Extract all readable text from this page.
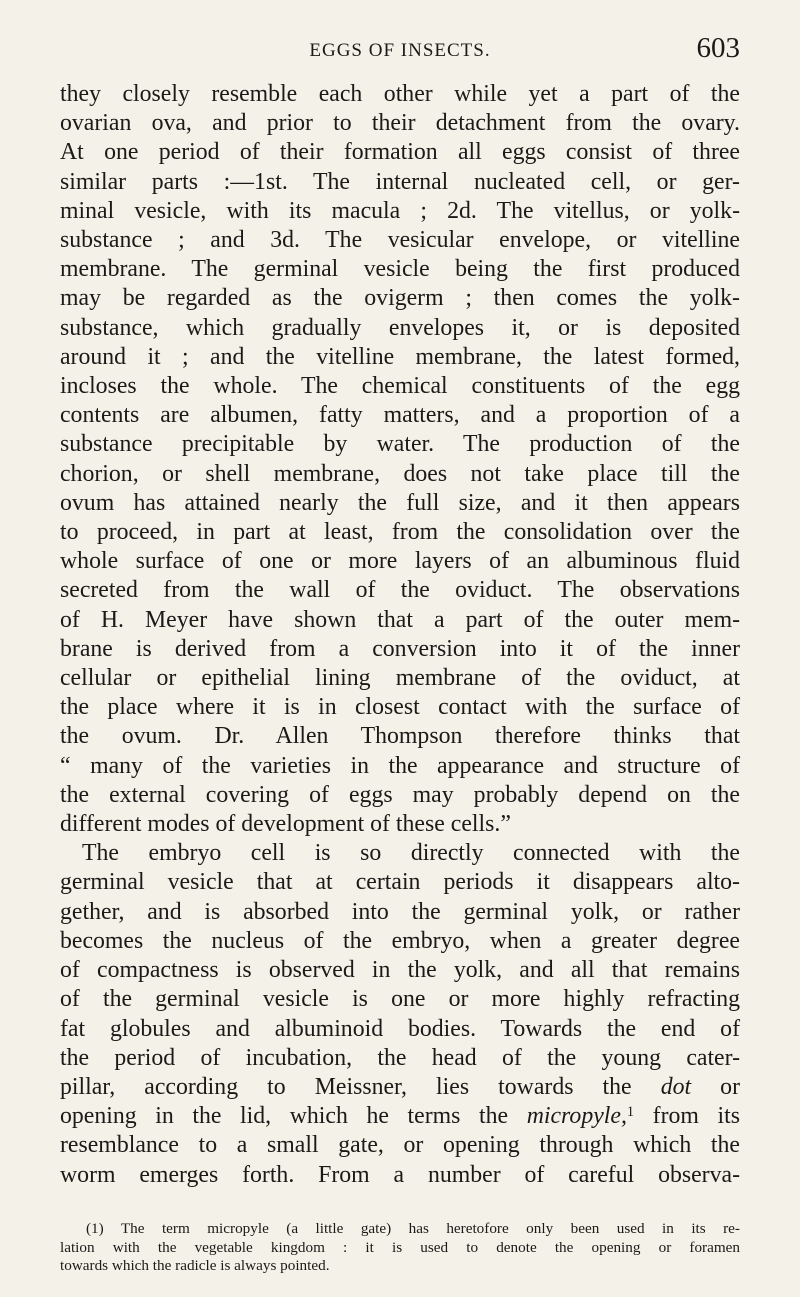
EGGS OF INSECTS.	603

they closely resemble each other while yet a part of the

ovarian ova, and prior to their detachment from the ovary.

At one period of their formation all eggs consist of three

similar parts :—1st. The internal nucleated cell, or ger-

minal vesicle, with its macula ; 2d. The vitellus, or yolk-

substance ; and 3d. The vesicular envelope, or vitelline

membrane. The germinal vesicle being the first produced

may be regarded as the ovigerm ; then comes the yolk-

substance, which gradually envelopes it, or is deposited

around it ; and the vitelline membrane, the latest formed,

incloses the whole. The chemical constituents of the egg

contents are albumen, fatty matters, and a proportion of a

substance precipitable by water. The production of the

chorion, or shell membrane, does not take place till the

ovum has attained nearly the full size, and it then appears

to proceed, in part at least, from the consolidation over the

whole surface of one or more layers of an albuminous fluid

secreted from the wall of the oviduct. The observations

of H. Meyer have shown that a part of the outer mem-

brane is derived from a conversion into it of the inner

cellular or epithelial lining membrane of the oviduct, at

the place where it is in closest contact with the surface of

the ovum. Dr. Allen Thompson therefore thinks that

“ many of the varieties in the appearance and structure of

the external covering of eggs may probably depend on the

different modes of development of these cells.”

The embryo cell is so directly connected with the

germinal vesicle that at certain periods it disappears alto-

gether, and is absorbed into the germinal yolk, or rather

becomes the nucleus of the embryo, when a greater degree

of compactness is observed in the yolk, and all that remains

of the germinal vesicle is one or more highly refracting

fat globules and albuminoid bodies. Towards the end of

the period of incubation, the head of the young cater-

pillar, according to Meissner, lies towards the dot or

opening in the lid, which he terms the micropyle,$^1$ from its

resemblance to a small gate, or opening through which the

worm emerges forth. From a number of careful observa-

(1) The term micropyle (a little gate) has heretofore only been used in its re-

lation with the vegetable kingdom : it is used to denote the opening or foramen

towards which the radicle is always pointed.
